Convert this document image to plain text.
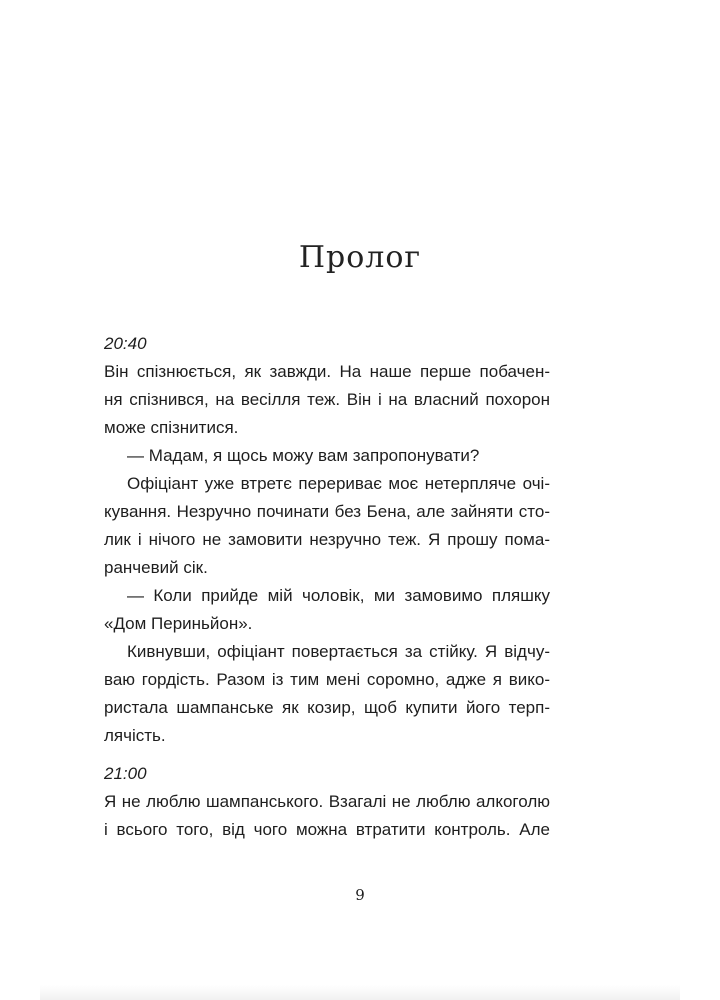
Пролог
20:40
Він спізнюється, як завжди. На наше перше побачен-
ня спізнився, на весілля теж. Він і на власний похорон
може спізнитися.
— Мадам, я щось можу вам запропонувати?
Офіціант уже втретє перериває моє нетерпляче очі-
кування. Незручно починати без Бена, але зайняти сто-
лик і нічого не замовити незручно теж. Я прошу пома-
ранчевий сік.
— Коли прийде мій чоловік, ми замовимо пляшку
«Дом Периньйон».
Кивнувши, офіціант повертається за стійку. Я відчу-
ваю гордість. Разом із тим мені соромно, адже я вико-
ристала шампанське як козир, щоб купити його терп-
лячість.
21:00
Я не люблю шампанського. Взагалі не люблю алкоголю
і всього того, від чого можна втратити контроль. Але
9
